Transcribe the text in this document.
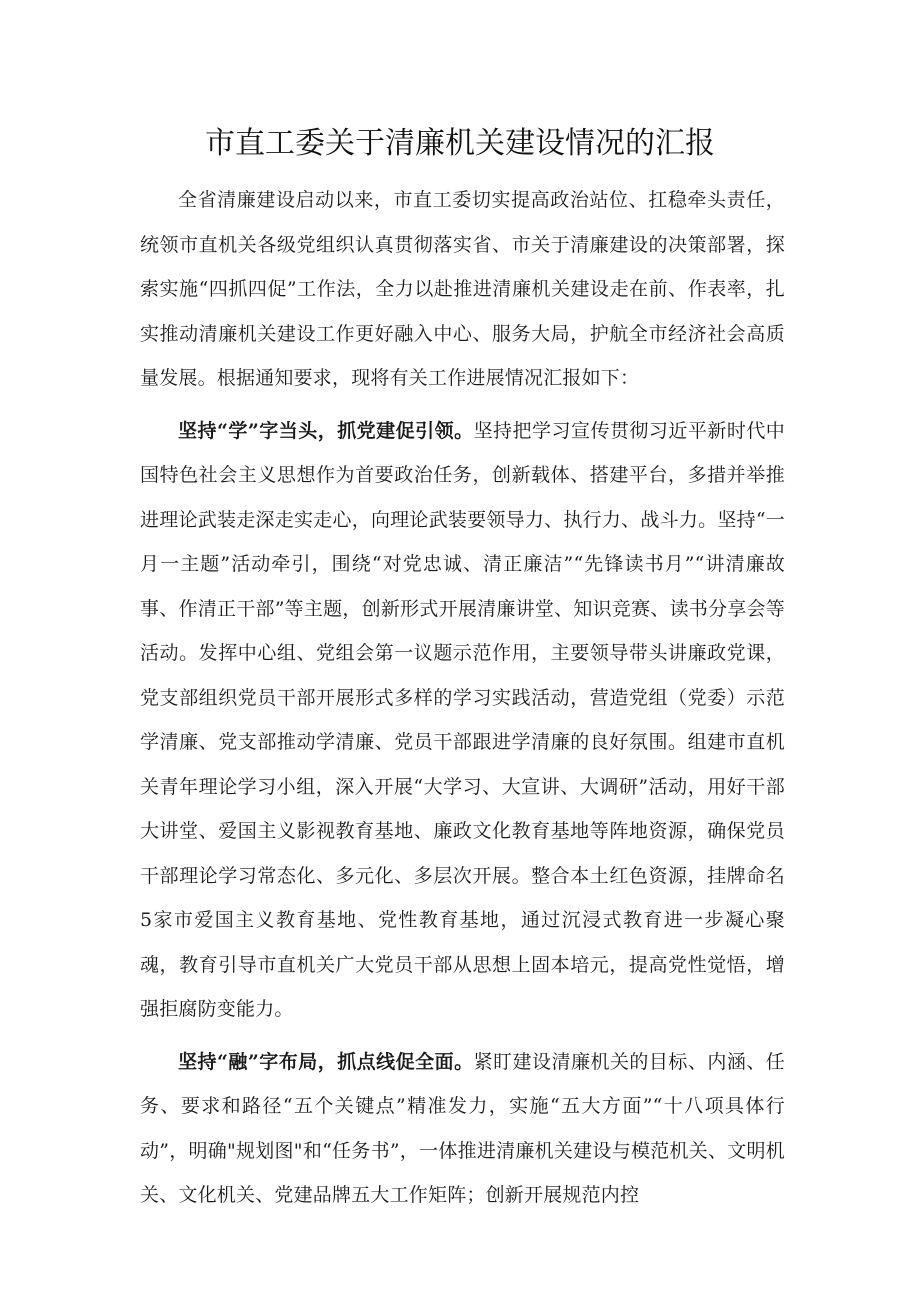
市直工委关于清廉机关建设情况的汇报

全省清廉建设启动以来，市直工委切实提高政治站位、扛稳牵头责任，统领市直机关各级党组织认真贯彻落实省、市关于清廉建设的决策部署，探索实施“四抓四促”工作法，全力以赴推进清廉机关建设走在前、作表率，扎实推动清廉机关建设工作更好融入中心、服务大局，护航全市经济社会高质量发展。根据通知要求，现将有关工作进展情况汇报如下：

坚持“学”字当头，抓党建促引领。坚持把学习宣传贯彻习近平新时代中国特色社会主义思想作为首要政治任务，创新载体、搭建平台，多措并举推进理论武装走深走实走心，向理论武装要领导力、执行力、战斗力。坚持“一月一主题”活动牵引，围绕“对党忠诚、清正廉洁”“先锋读书月”“讲清廉故事、作清正干部”等主题，创新形式开展清廉讲堂、知识竞赛、读书分享会等活动。发挥中心组、党组会第一议题示范作用，主要领导带头讲廉政党课，党支部组织党员干部开展形式多样的学习实践活动，营造党组（党委）示范学清廉、党支部推动学清廉、党员干部跟进学清廉的良好氛围。组建市直机关青年理论学习小组，深入开展“大学习、大宣讲、大调研”活动，用好干部大讲堂、爱国主义影视教育基地、廉政文化教育基地等阵地资源，确保党员干部理论学习常态化、多元化、多层次开展。整合本土红色资源，挂牌命名5家市爱国主义教育基地、党性教育基地，通过沉浸式教育进一步凝心聚魂，教育引导市直机关广大党员干部从思想上固本培元，提高党性觉悟，增强拒腐防变能力。

坚持“融”字布局，抓点线促全面。紧盯建设清廉机关的目标、内涵、任务、要求和路径“五个关键点”精准发力，实施“五大方面”“十八项具体行动”，明确"规划图"和“任务书”，一体推进清廉机关建设与模范机关、文明机关、文化机关、党建品牌五大工作矩阵；创新开展规范内控
